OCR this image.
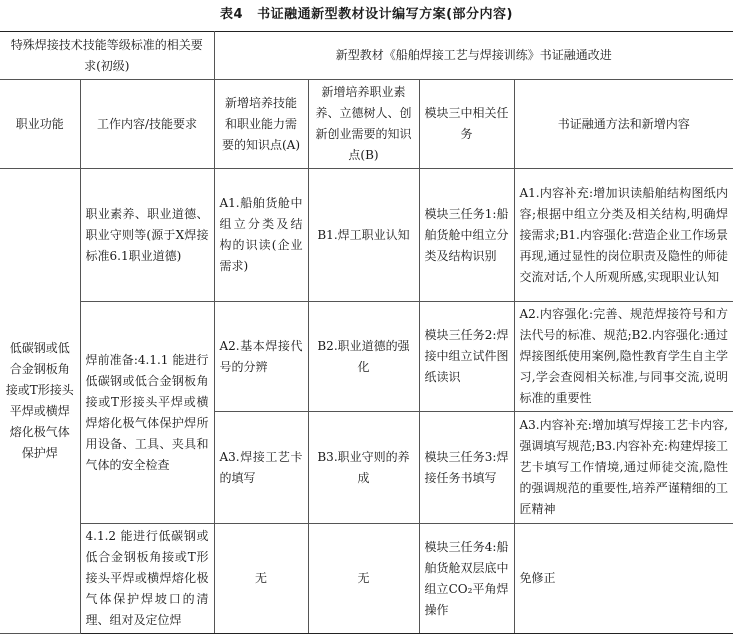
表4 书证融通新型教材设计编写方案(部分内容)
特殊焊接技术技能等级标准的相关要求(初级)		新型教材《船舶焊接工艺与焊接训练》书证融通改进			
职业功能	工作内容/技能要求	新增培养技能和职业能力需要的知识点(A)	新增培养职业素养、立德树人、创新创业需要的知识点(B)	模块三中相关任务	书证融通方法和新增内容
低碳钢或低合金钢板角接或T形接头平焊或横焊熔化极气体保护焊	职业素养、职业道德、职业守则等(源于X焊接标准6.1职业道德)	A1.船舶货舱中组立分类及结构的识读(企业需求)	B1.焊工职业认知	模块三任务1:船舶货舱中组立分类及结构识别	A1.内容补充:增加识读船舶结构图纸内容;根据中组立分类及相关结构,明确焊接需求;B1.内容强化:营造企业工作场景再现,通过显性的岗位职责及隐性的师徒交流对话,个人所观所感,实现职业认知
	焊前准备:4.1.1 能进行低碳钢或低合金钢板角接或T形接头平焊或横焊熔化极气体保护焊所用设备、工具、夹具和气体的安全检查	A2.基本焊接代号的分辨	B2.职业道德的强化	模块三任务2:焊接中组立试件图纸读识	A2.内容强化:完善、规范焊接符号和方法代号的标准、规范;B2.内容强化:通过焊接图纸使用案例,隐性教育学生自主学习,学会查阅相关标准,与同事交流,说明标准的重要性
		A3.焊接工艺卡的填写	B3.职业守则的养成	模块三任务3:焊接任务书填写	A3.内容补充:增加填写焊接工艺卡内容,强调填写规范;B3.内容补充:构建焊接工艺卡填写工作情境,通过师徒交流,隐性的强调规范的重要性,培养严谨精细的工匠精神
	4.1.2 能进行低碳钢或低合金钢板角接或T形接头平焊或横焊熔化极气体保护焊坡口的清理、组对及定位焊	无	无	模块三任务4:船舶货舱双层底中组立CO₂平角焊操作	免修正
